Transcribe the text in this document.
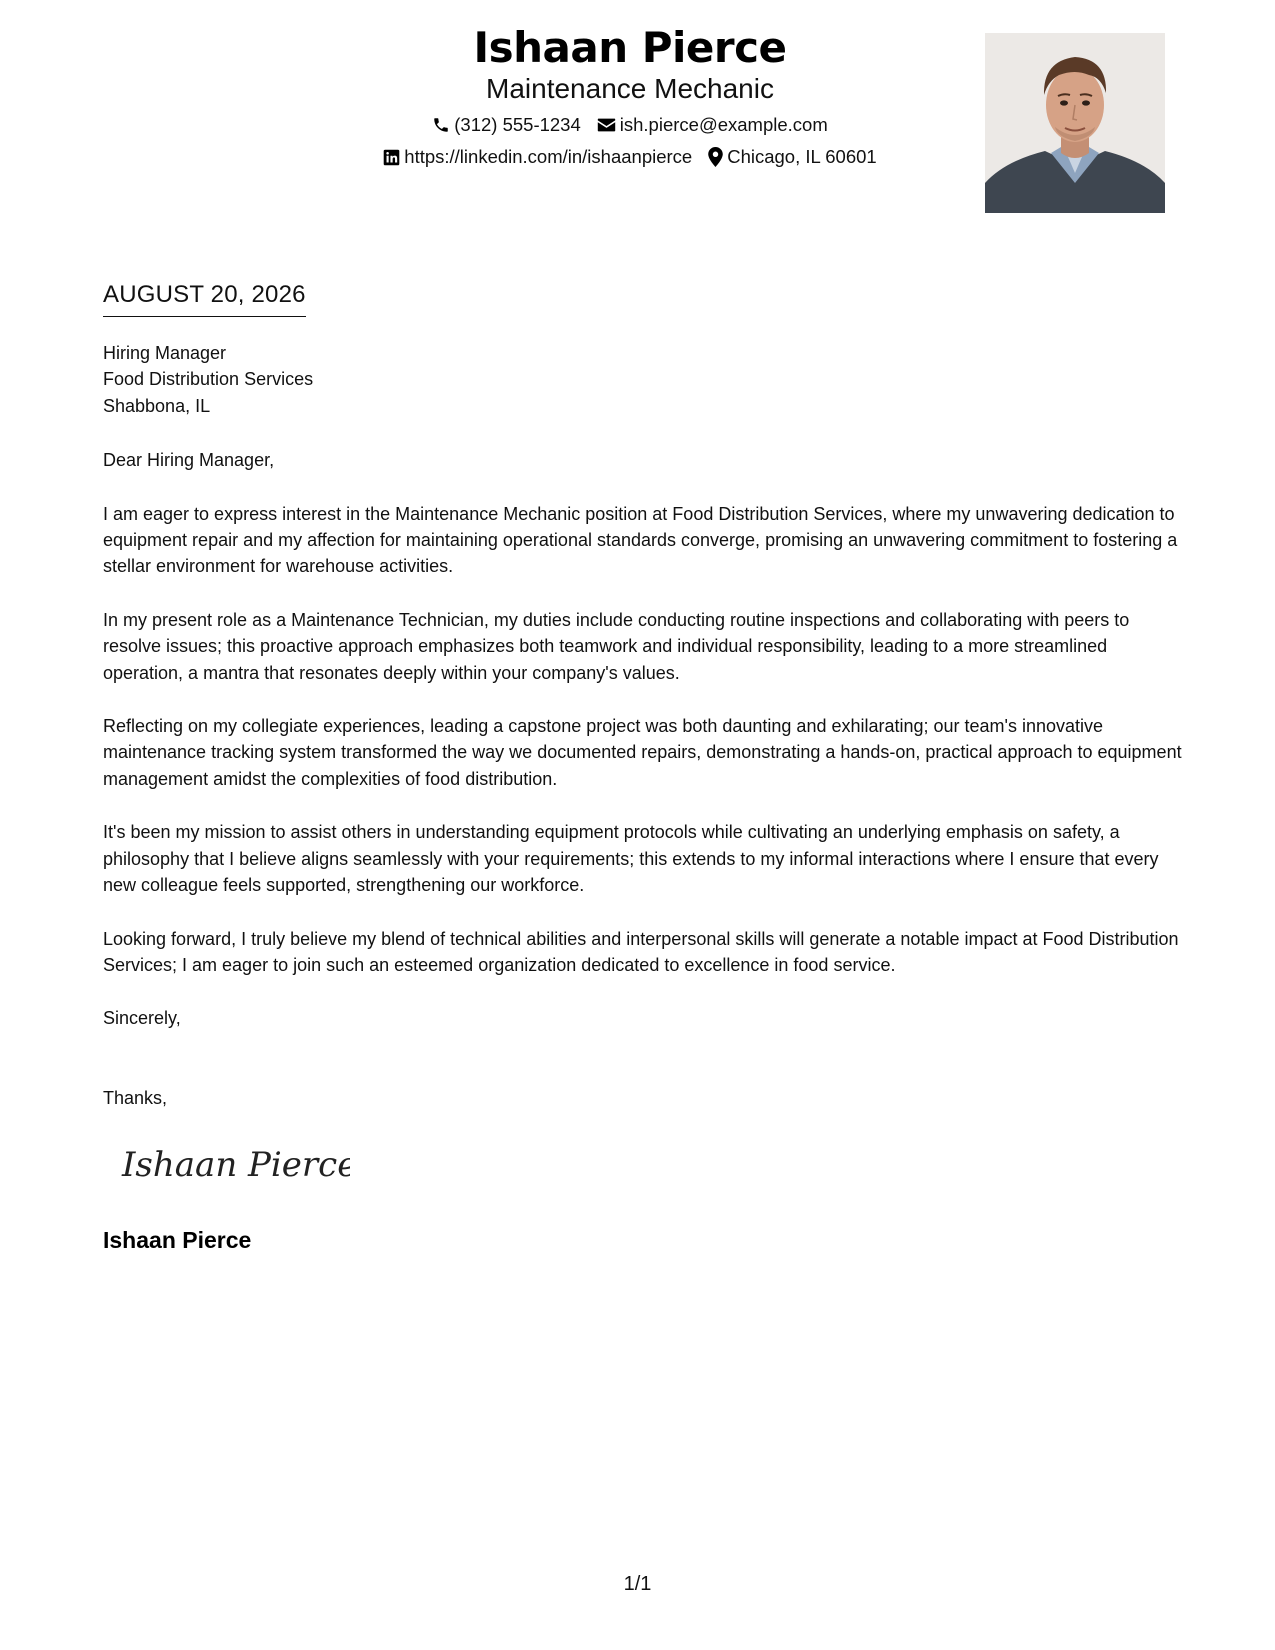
Ishaan Pierce
Maintenance Mechanic
(312) 555-1234 ish.pierce@example.com
https://linkedin.com/in/ishaanpierce Chicago, IL 60601
AUGUST 20, 2026
Hiring Manager
Food Distribution Services
Shabbona, IL
Dear Hiring Manager,
I am eager to express interest in the Maintenance Mechanic position at Food Distribution Services, where my unwavering dedication to equipment repair and my affection for maintaining operational standards converge, promising an unwavering commitment to fostering a stellar environment for warehouse activities.
In my present role as a Maintenance Technician, my duties include conducting routine inspections and collaborating with peers to resolve issues; this proactive approach emphasizes both teamwork and individual responsibility, leading to a more streamlined operation, a mantra that resonates deeply within your company's values.
Reflecting on my collegiate experiences, leading a capstone project was both daunting and exhilarating; our team's innovative maintenance tracking system transformed the way we documented repairs, demonstrating a hands-on, practical approach to equipment management amidst the complexities of food distribution.
It's been my mission to assist others in understanding equipment protocols while cultivating an underlying emphasis on safety, a philosophy that I believe aligns seamlessly with your requirements; this extends to my informal interactions where I ensure that every new colleague feels supported, strengthening our workforce.
Looking forward, I truly believe my blend of technical abilities and interpersonal skills will generate a notable impact at Food Distribution Services; I am eager to join such an esteemed organization dedicated to excellence in food service.
Sincerely,
Thanks,
Ishaan Pierce
Ishaan Pierce
1/1
